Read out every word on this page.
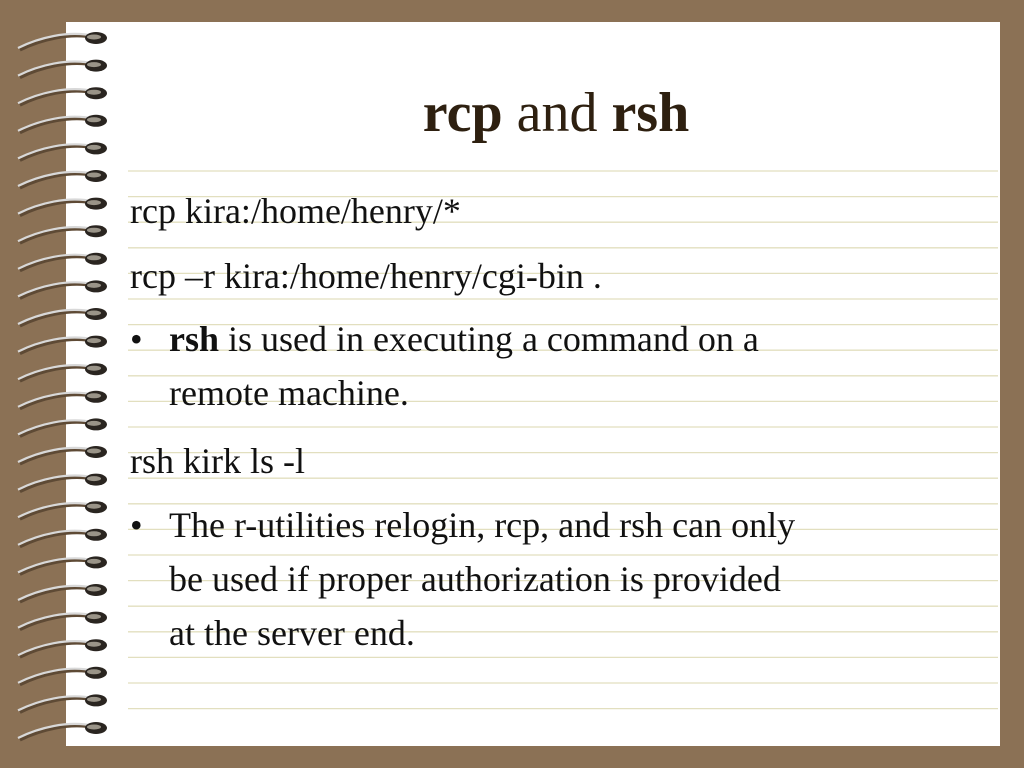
rcp and rsh
rcp kira:/home/henry/*
rcp –r kira:/home/henry/cgi-bin .
• rsh is used in executing a command on a
remote machine.
rsh kirk ls -l
• The r-utilities relogin, rcp, and rsh can only
be used if proper authorization is provided
at the server end.
